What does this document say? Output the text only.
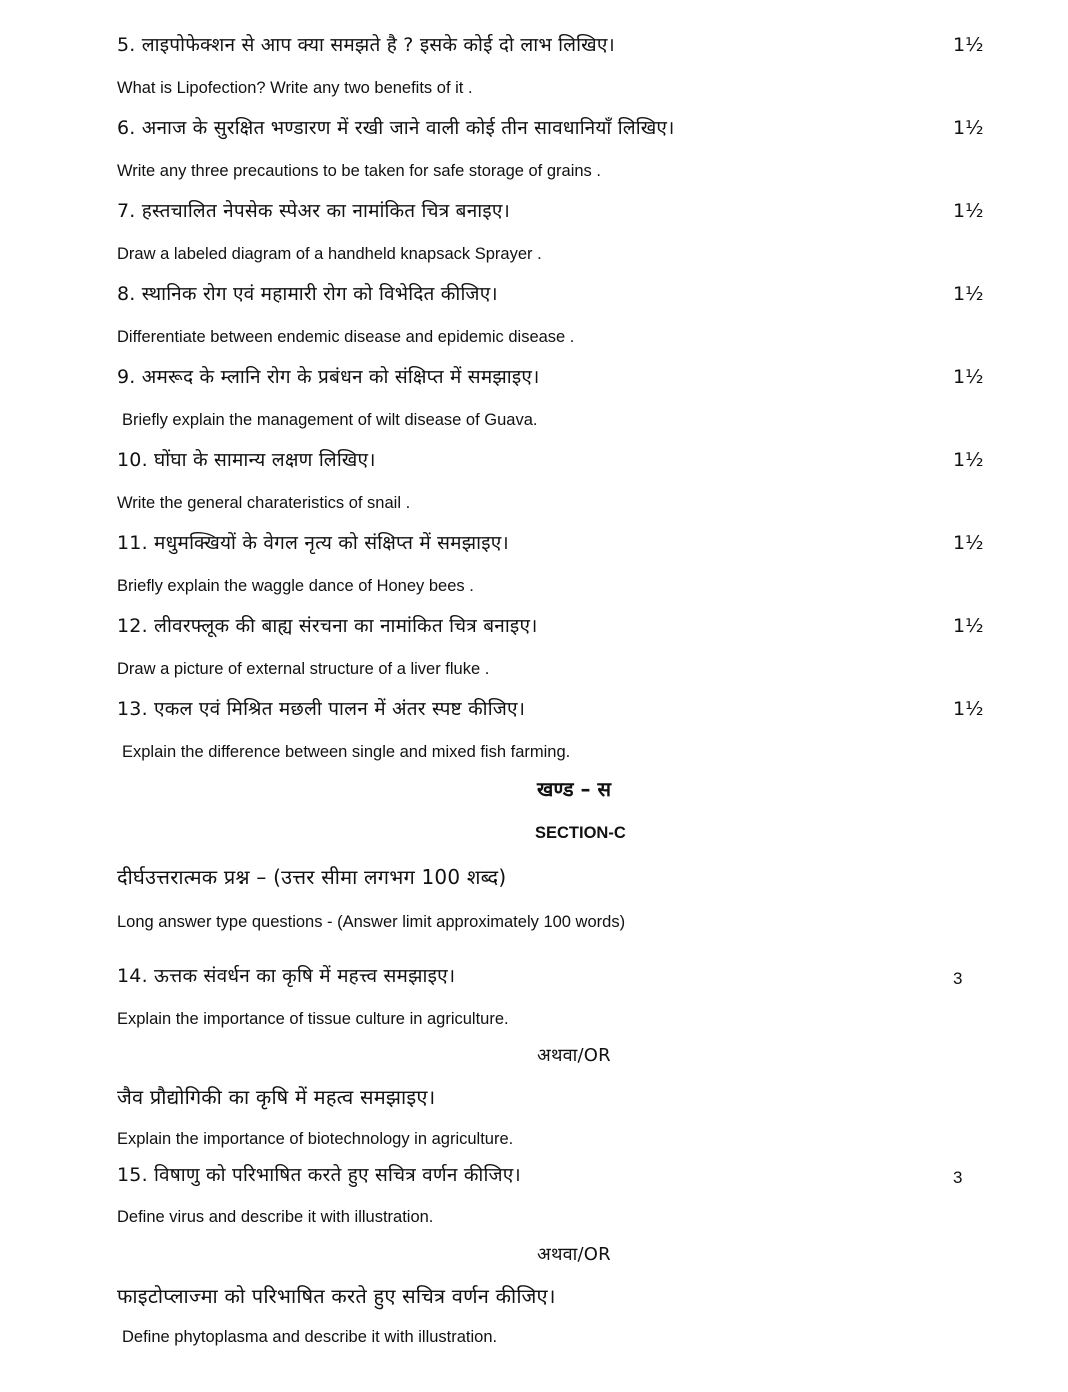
5. लाइपोफेक्शन से आप क्या समझते है ? इसके कोई दो लाभ लिखिए।	1½
What is Lipofection? Write any two benefits of it .
6. अनाज के सुरक्षित भण्डारण में रखी जाने वाली कोई तीन सावधानियाँ लिखिए।	1½
Write any three precautions to be taken for safe storage of grains .
7. हस्तचालित नेपसेक स्पेअर का नामांकित चित्र बनाइए।	1½
Draw a labeled diagram of a handheld knapsack Sprayer .
8. स्थानिक रोग एवं महामारी रोग को विभेदित कीजिए।	1½
Differentiate between endemic disease and epidemic disease .
9. अमरूद के म्लानि रोग के प्रबंधन को संक्षिप्त में समझाइए।	1½
Briefly explain the management of wilt disease of Guava.
10. घोंघा के सामान्य लक्षण लिखिए।	1½
Write the general charateristics of snail .
11. मधुमक्खियों के वेगल नृत्य को संक्षिप्त में समझाइए।	1½
Briefly explain the waggle dance of Honey bees .
12. लीवरफ्लूक की बाह्य संरचना का नामांकित चित्र बनाइए।	1½
Draw a picture of external structure of a liver fluke .
13. एकल एवं मिश्रित मछली पालन में अंतर स्पष्ट कीजिए।	1½
Explain the difference between single and mixed fish farming.
खण्ड – स
SECTION-C
दीर्घउत्तरात्मक प्रश्न – (उत्तर सीमा लगभग 100 शब्द)
Long answer type questions - (Answer limit approximately 100 words)
14. ऊत्तक संवर्धन का कृषि में महत्त्व समझाइए।	3
Explain the importance of tissue culture in agriculture.
अथवा/OR
जैव प्रौद्योगिकी का कृषि में महत्व समझाइए।
Explain the importance of biotechnology in agriculture.
15. विषाणु को परिभाषित करते हुए सचित्र वर्णन कीजिए।	3
Define virus and describe it with illustration.
अथवा/OR
फाइटोप्लाज्मा को परिभाषित करते हुए सचित्र वर्णन कीजिए।
Define phytoplasma and describe it with illustration.
